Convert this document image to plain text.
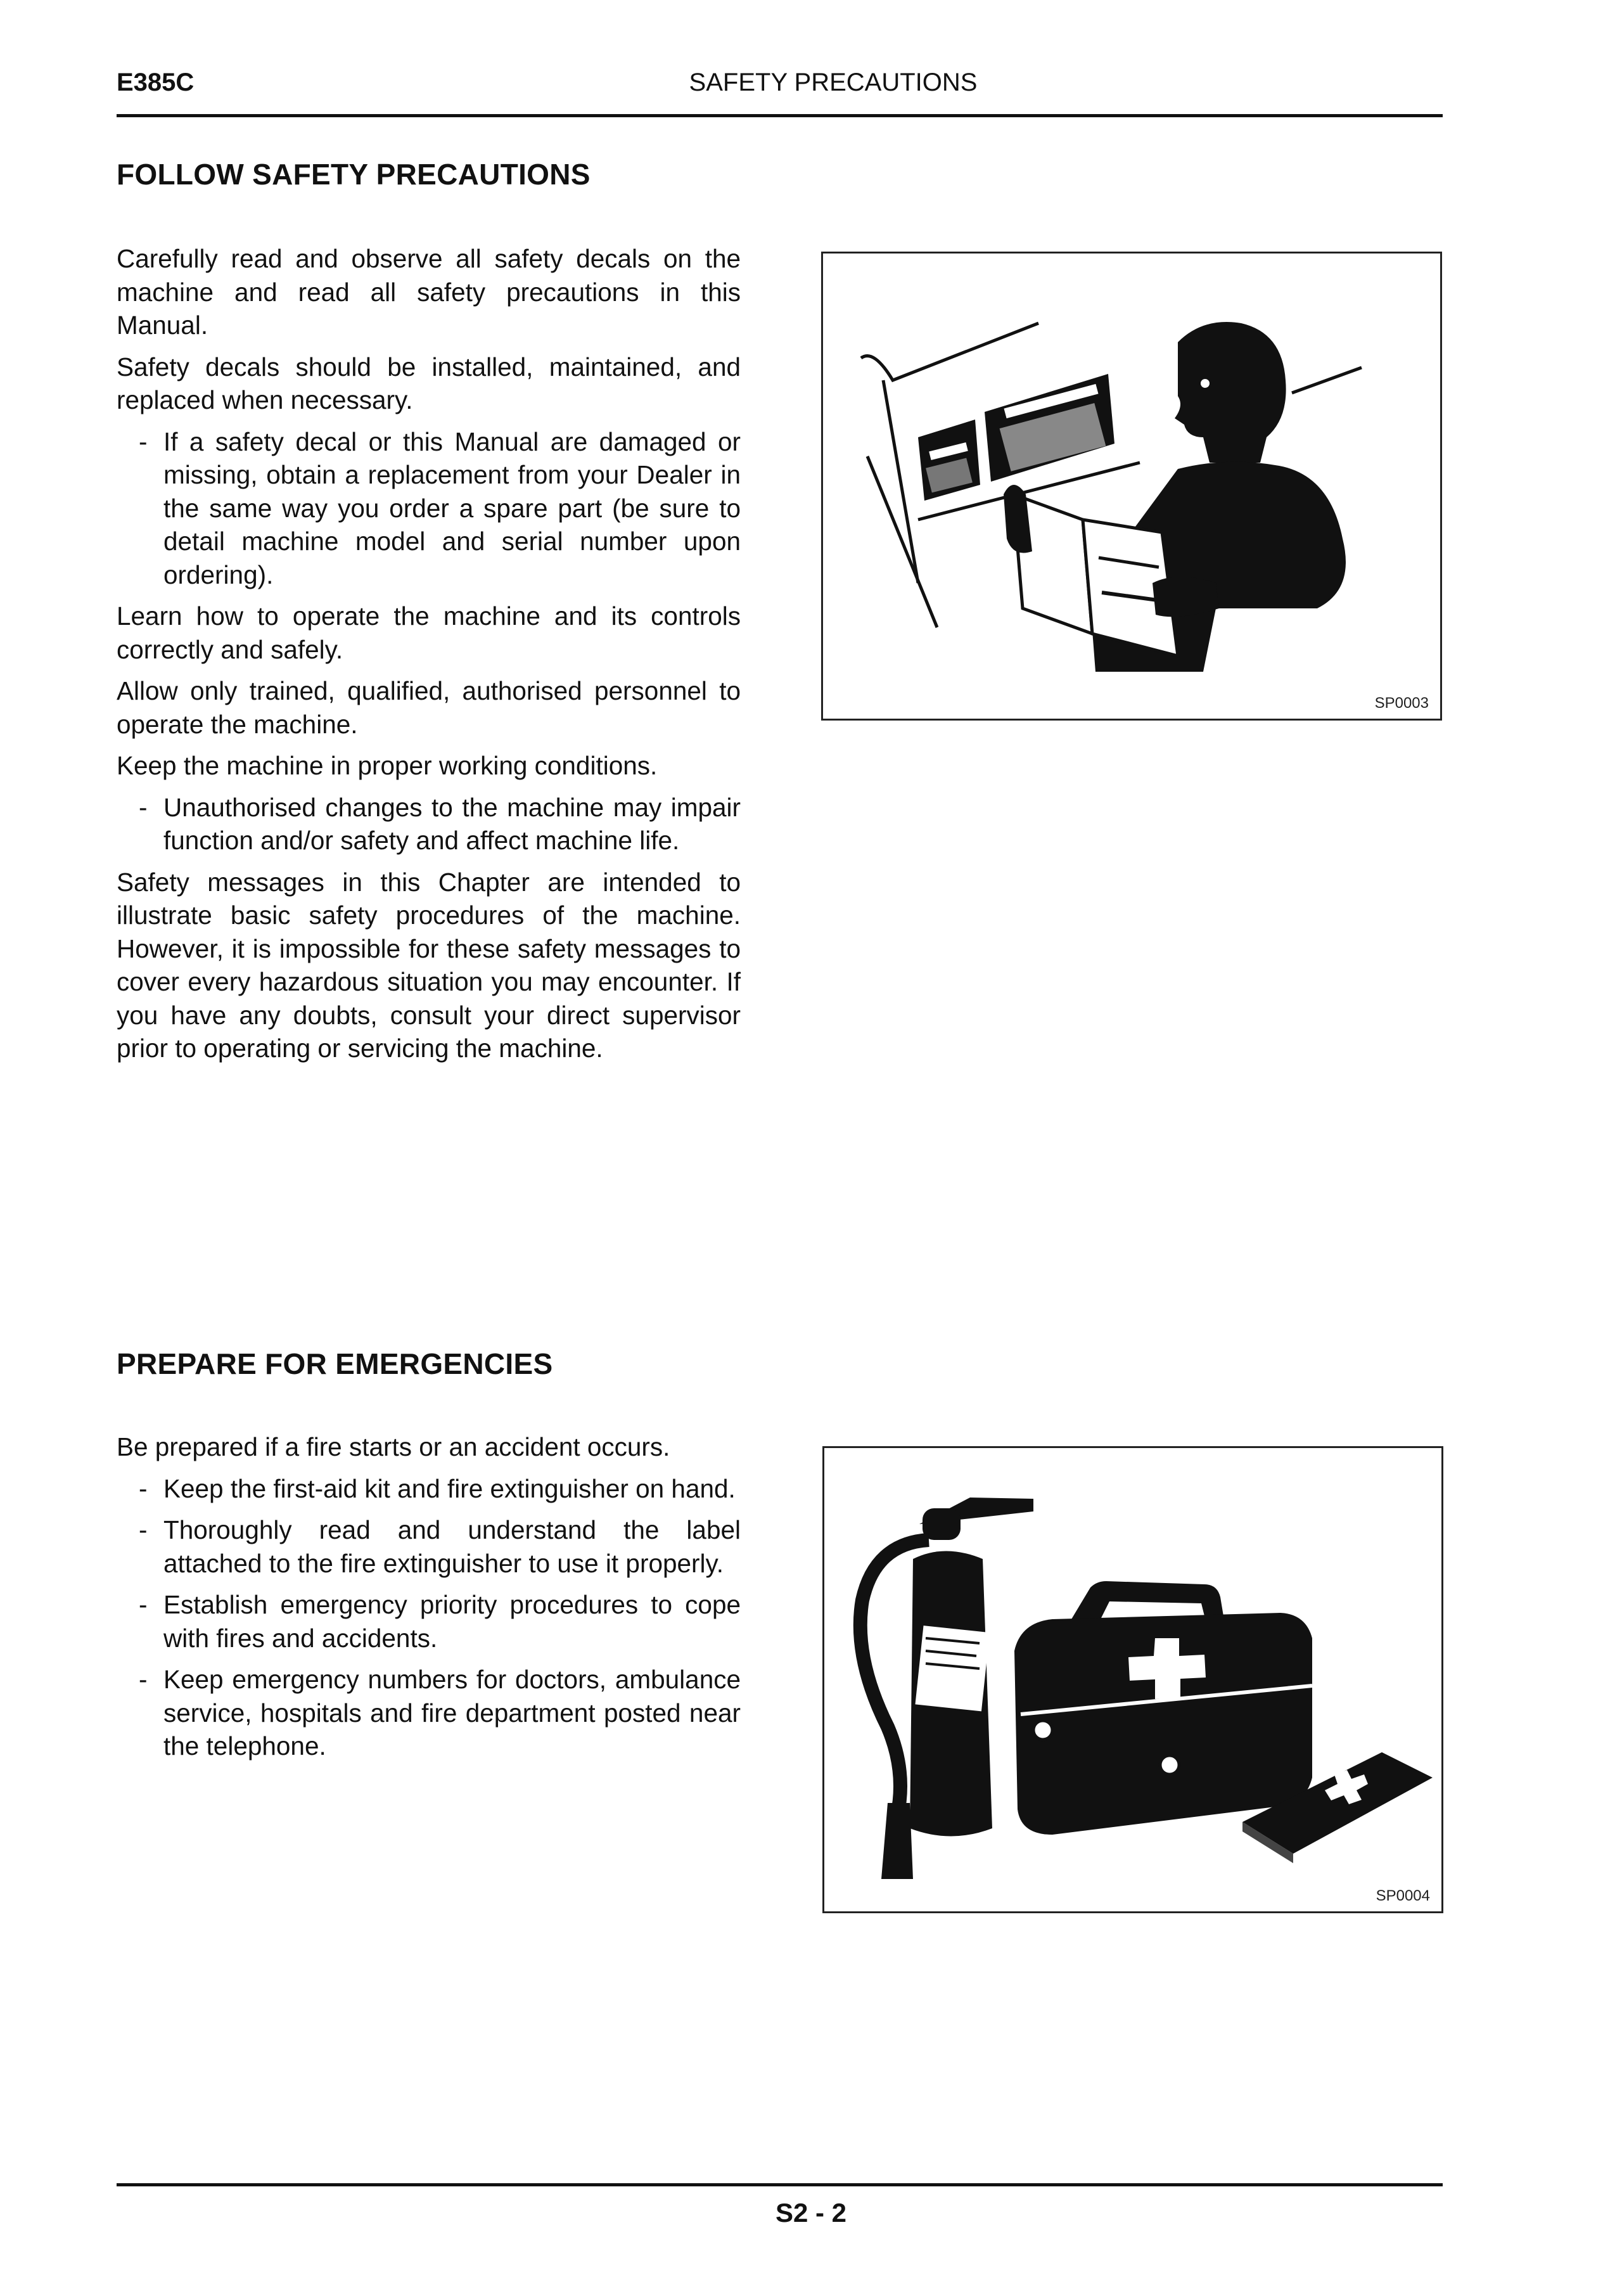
E385C	SAFETY PRECAUTIONS
FOLLOW SAFETY PRECAUTIONS

Carefully read and observe all safety decals on the machine and read all safety precautions in this Manual.

Safety decals should be installed, maintained, and replaced when necessary.

- If a safety decal or this Manual are damaged or missing, obtain a replacement from your Dealer in the same way you order a spare part (be sure to detail machine model and serial number upon ordering).

Learn how to operate the machine and its controls correctly and safely.

Allow only trained, qualified, authorised personnel to operate the machine.

Keep the machine in proper working conditions.

- Unauthorised changes to the machine may impair function and/or safety and affect machine life.

Safety messages in this Chapter are intended to illustrate basic safety procedures of the machine. However, it is impossible for these safety messages to cover every hazardous situation you may encounter. If you have any doubts, consult your direct supervisor prior to operating or servicing the machine.

SP0003
PREPARE FOR EMERGENCIES

Be prepared if a fire starts or an accident occurs.

- Keep the first-aid kit and fire extinguisher on hand.
- Thoroughly read and understand the label attached to the fire extinguisher to use it properly.
- Establish emergency priority procedures to cope with fires and accidents.
- Keep emergency numbers for doctors, ambulance service, hospitals and fire department posted near the telephone.
SP0004
S2 - 2
